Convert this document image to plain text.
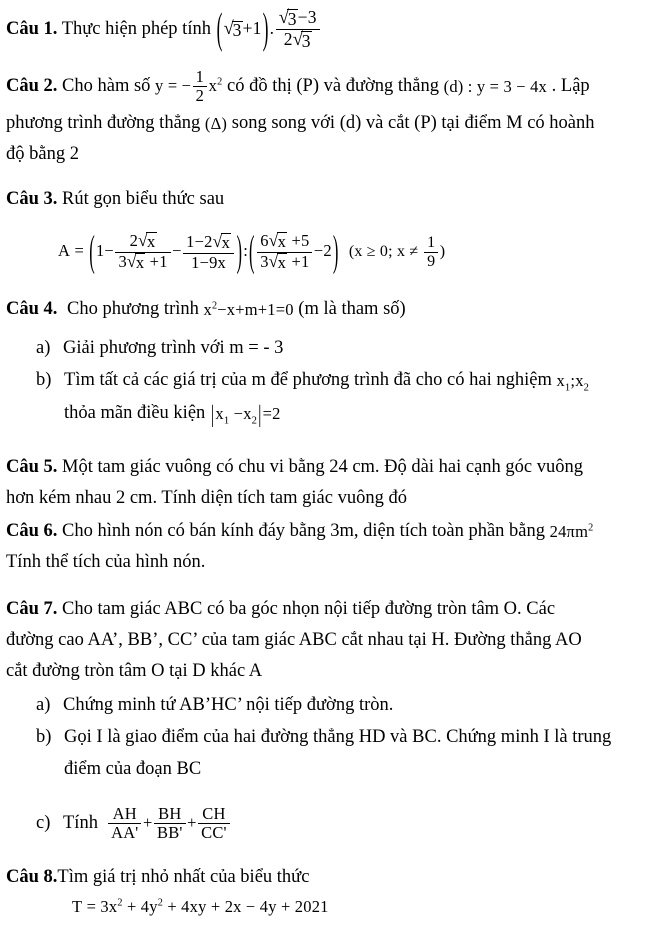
Câu 1. Thực hiện phép tính ( √ 3+1). √ $\frac{3-3}{2 √ 3}$
Câu 2. Cho hàm số y = − $\frac{1}{2} x^2$ có đồ thị (P) và đường thẳng (d) : y = 3 − 4x . Lập
phương trình đường thẳng (Δ) song song với (d) và cắt (P) tại điểm M có hoành
độ bằng 2
Câu 3. Rút gọn biểu thức sau
$A = (1- \frac{2 √ x}{3 √ x +1} - \frac{1-2 √ x}{1-9x}$ ):( $\frac{6 √ x +5}{3 √ x +1} -2$) (x ≥ 0; $x \ne \frac{1}{9}$ )
Câu 4. Cho phương trình $x^2-x+m+1=0$ (m là tham số)
a) Giải phương trình với m = - 3
b) Tìm tất cả các giá trị của m để phương trình đã cho có hai nghiệm $x_1;x_2$
thỏa mãn điều kiện $|x_1 -x_2|=2$
Câu 5. Một tam giác vuông có chu vi bằng 24 cm. Độ dài hai cạnh góc vuông
hơn kém nhau 2 cm. Tính diện tích tam giác vuông đó
Câu 6. Cho hình nón có bán kính đáy bằng 3m, diện tích toàn phần bằng $24\pi m^2$
Tính thể tích của hình nón.
Câu 7. Cho tam giác ABC có ba góc nhọn nội tiếp đường tròn tâm O. Các
đường cao AA’, BB’, CC’ của tam giác ABC cắt nhau tại H. Đường thẳng AO
cắt đường tròn tâm O tại D khác A
a) Chứng minh tứ AB’HC’ nội tiếp đường tròn.
b) Gọi I là giao điểm của hai đường thẳng HD và BC. Chứng minh I là trung
điểm của đoạn BC
c) Tính $\frac{AH}{AA'} + \frac{BH}{BB'} + \frac{CH}{CC'}$
Câu 8.Tìm giá trị nhỏ nhất của biểu thức
$T = 3x^2 + 4y^2 + 4xy + 2x - 4y + 2021$
